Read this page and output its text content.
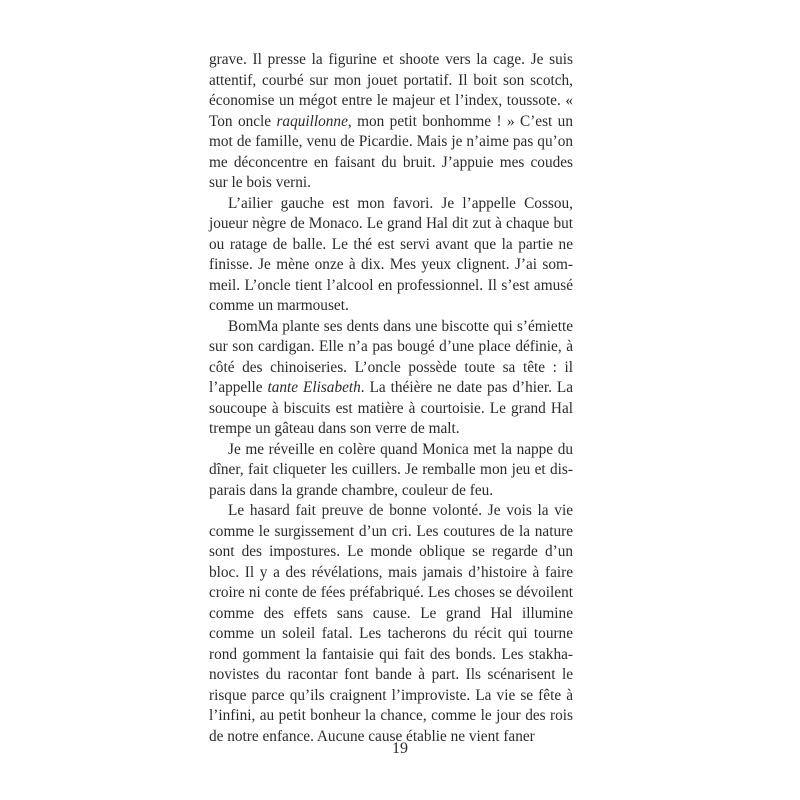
grave. Il presse la figurine et shoote vers la cage. Je suis attentif, courbé sur mon jouet portatif. Il boit son scotch, économise un mégot entre le majeur et l’index, toussote. « Ton oncle raquillonne, mon petit bonhomme ! » C’est un mot de famille, venu de Picardie. Mais je n’aime pas qu’on me déconcentre en faisant du bruit. J’appuie mes coudes sur le bois verni.

L’ailier gauche est mon favori. Je l’appelle Cossou, joueur nègre de Monaco. Le grand Hal dit zut à chaque but ou ratage de balle. Le thé est servi avant que la partie ne finisse. Je mène onze à dix. Mes yeux clignent. J’ai sommeil. L’oncle tient l’alcool en professionnel. Il s’est amusé comme un marmouset.

BomMa plante ses dents dans une biscotte qui s’émiette sur son cardigan. Elle n’a pas bougé d’une place définie, à côté des chinoiseries. L’oncle possède toute sa tête : il l’appelle tante Elisabeth. La théière ne date pas d’hier. La soucoupe à biscuits est matière à courtoisie. Le grand Hal trempe un gâteau dans son verre de malt.

Je me réveille en colère quand Monica met la nappe du dîner, fait cliqueter les cuillers. Je remballe mon jeu et disparais dans la grande chambre, couleur de feu.

Le hasard fait preuve de bonne volonté. Je vois la vie comme le surgissement d’un cri. Les coutures de la nature sont des impostures. Le monde oblique se regarde d’un bloc. Il y a des révélations, mais jamais d’histoire à faire croire ni conte de fées préfabriqué. Les choses se dévoilent comme des effets sans cause. Le grand Hal illumine comme un soleil fatal. Les tacherons du récit qui tourne rond gomment la fantaisie qui fait des bonds. Les stakhanovistes du racontar font bande à part. Ils scénarisent le risque parce qu’ils craignent l’improviste. La vie se fête à l’infini, au petit bonheur la chance, comme le jour des rois de notre enfance. Aucune cause établie ne vient faner

19
